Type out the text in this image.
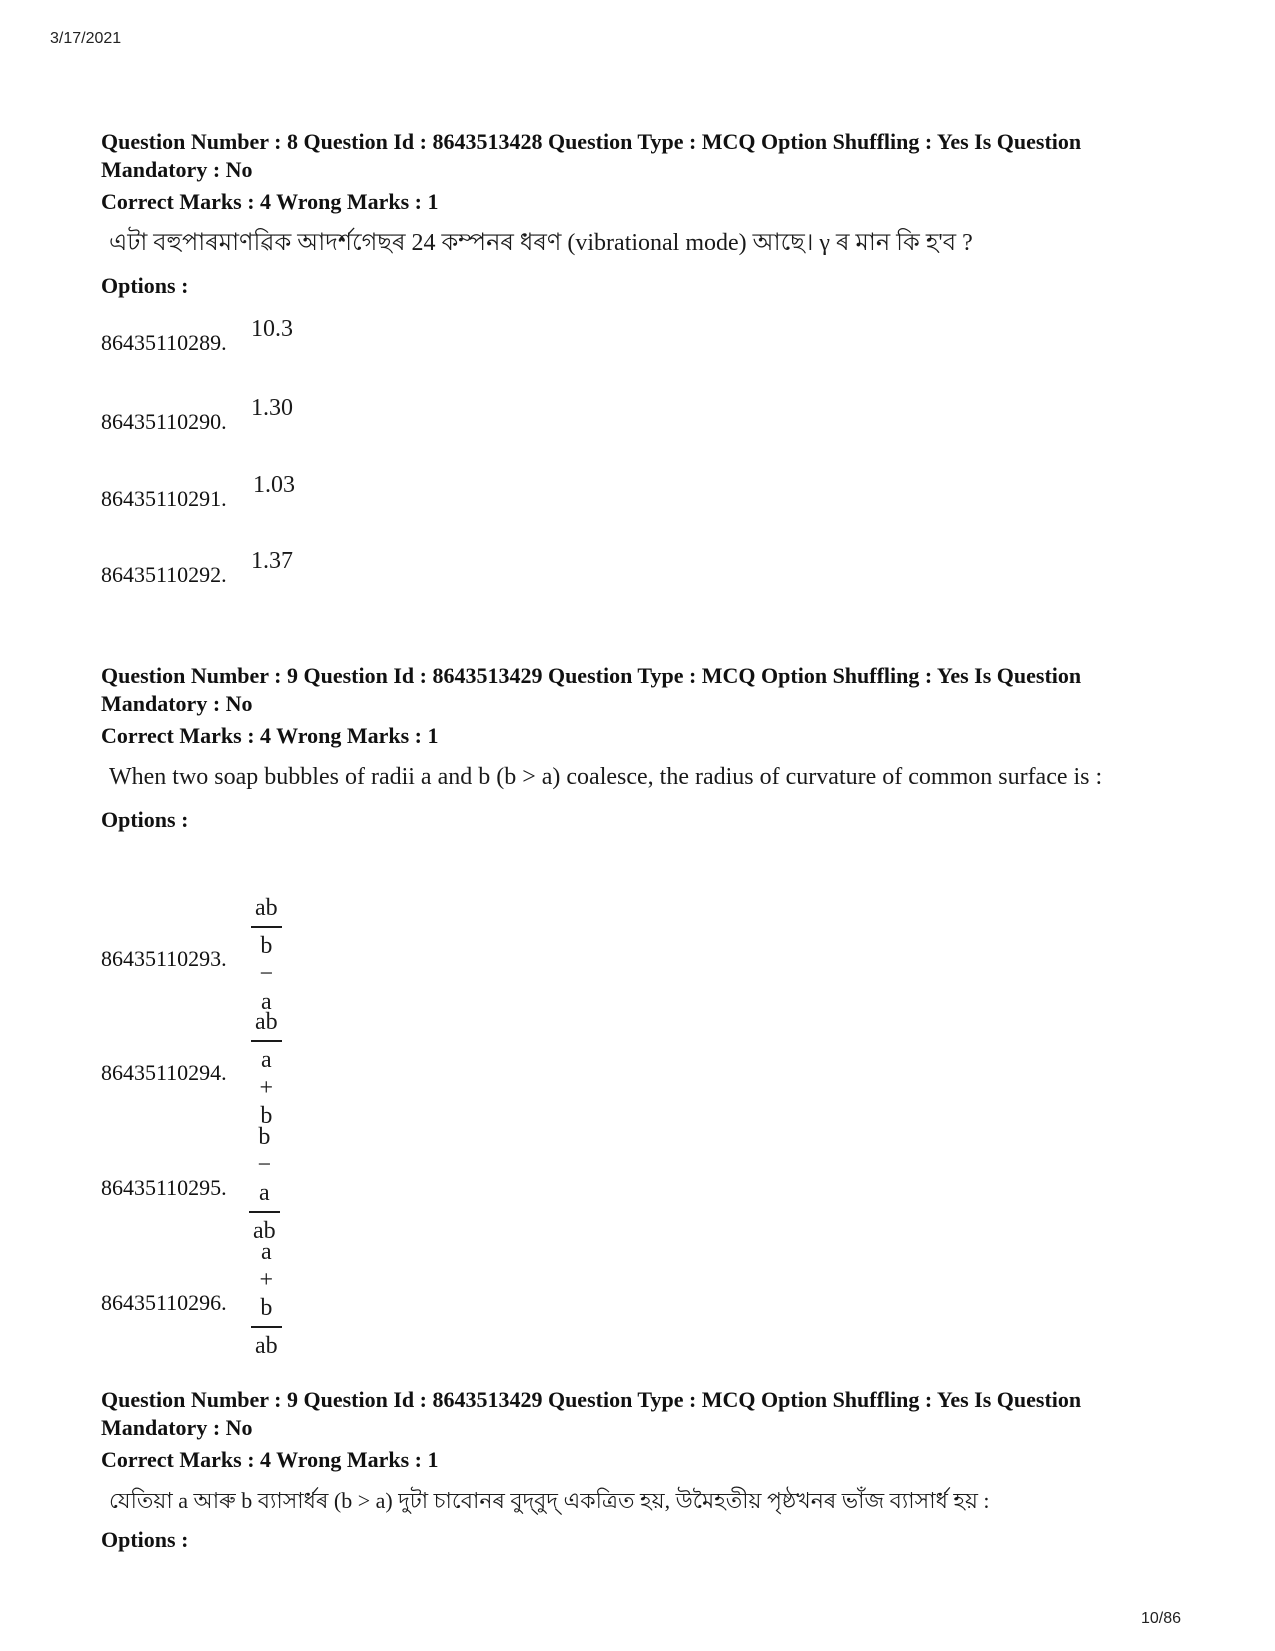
3/17/2021
Question Number : 8 Question Id : 8643513428 Question Type : MCQ Option Shuffling : Yes Is Question
Mandatory : No
Correct Marks : 4 Wrong Marks : 1
এটা বহুপাৰমাণৱিক আদৰ্শগেছৰ 24 কম্পনৰ ধৰণ (vibrational mode) আছে। γ ৰ মান কি হ'ব ?
Options :
86435110289.
10.3
86435110290.
1.30
86435110291.
1.03
86435110292.
1.37
Question Number : 9 Question Id : 8643513429 Question Type : MCQ Option Shuffling : Yes Is Question
Mandatory : No
Correct Marks : 4 Wrong Marks : 1
When two soap bubbles of radii a and b (b > a) coalesce, the radius of curvature of common surface is :
Options :
86435110293. $\frac{ab}{b - a}$
86435110294. $\frac{ab}{a + b}$
86435110295. $\frac{b - a}{ab}$
86435110296. $\frac{a + b}{ab}$
Question Number : 9 Question Id : 8643513429 Question Type : MCQ Option Shuffling : Yes Is Question
Mandatory : No
Correct Marks : 4 Wrong Marks : 1
যেতিয়া a আৰু b ব্যাসাৰ্ধৰ (b > a) দুটা চাবোনৰ বুদ্‌বুদ্‌ একত্ৰিত হয়, উমৈহতীয় পৃষ্ঠখনৰ ভাঁজ ব্যাসাৰ্ধ হয় :
Options :
10/86
